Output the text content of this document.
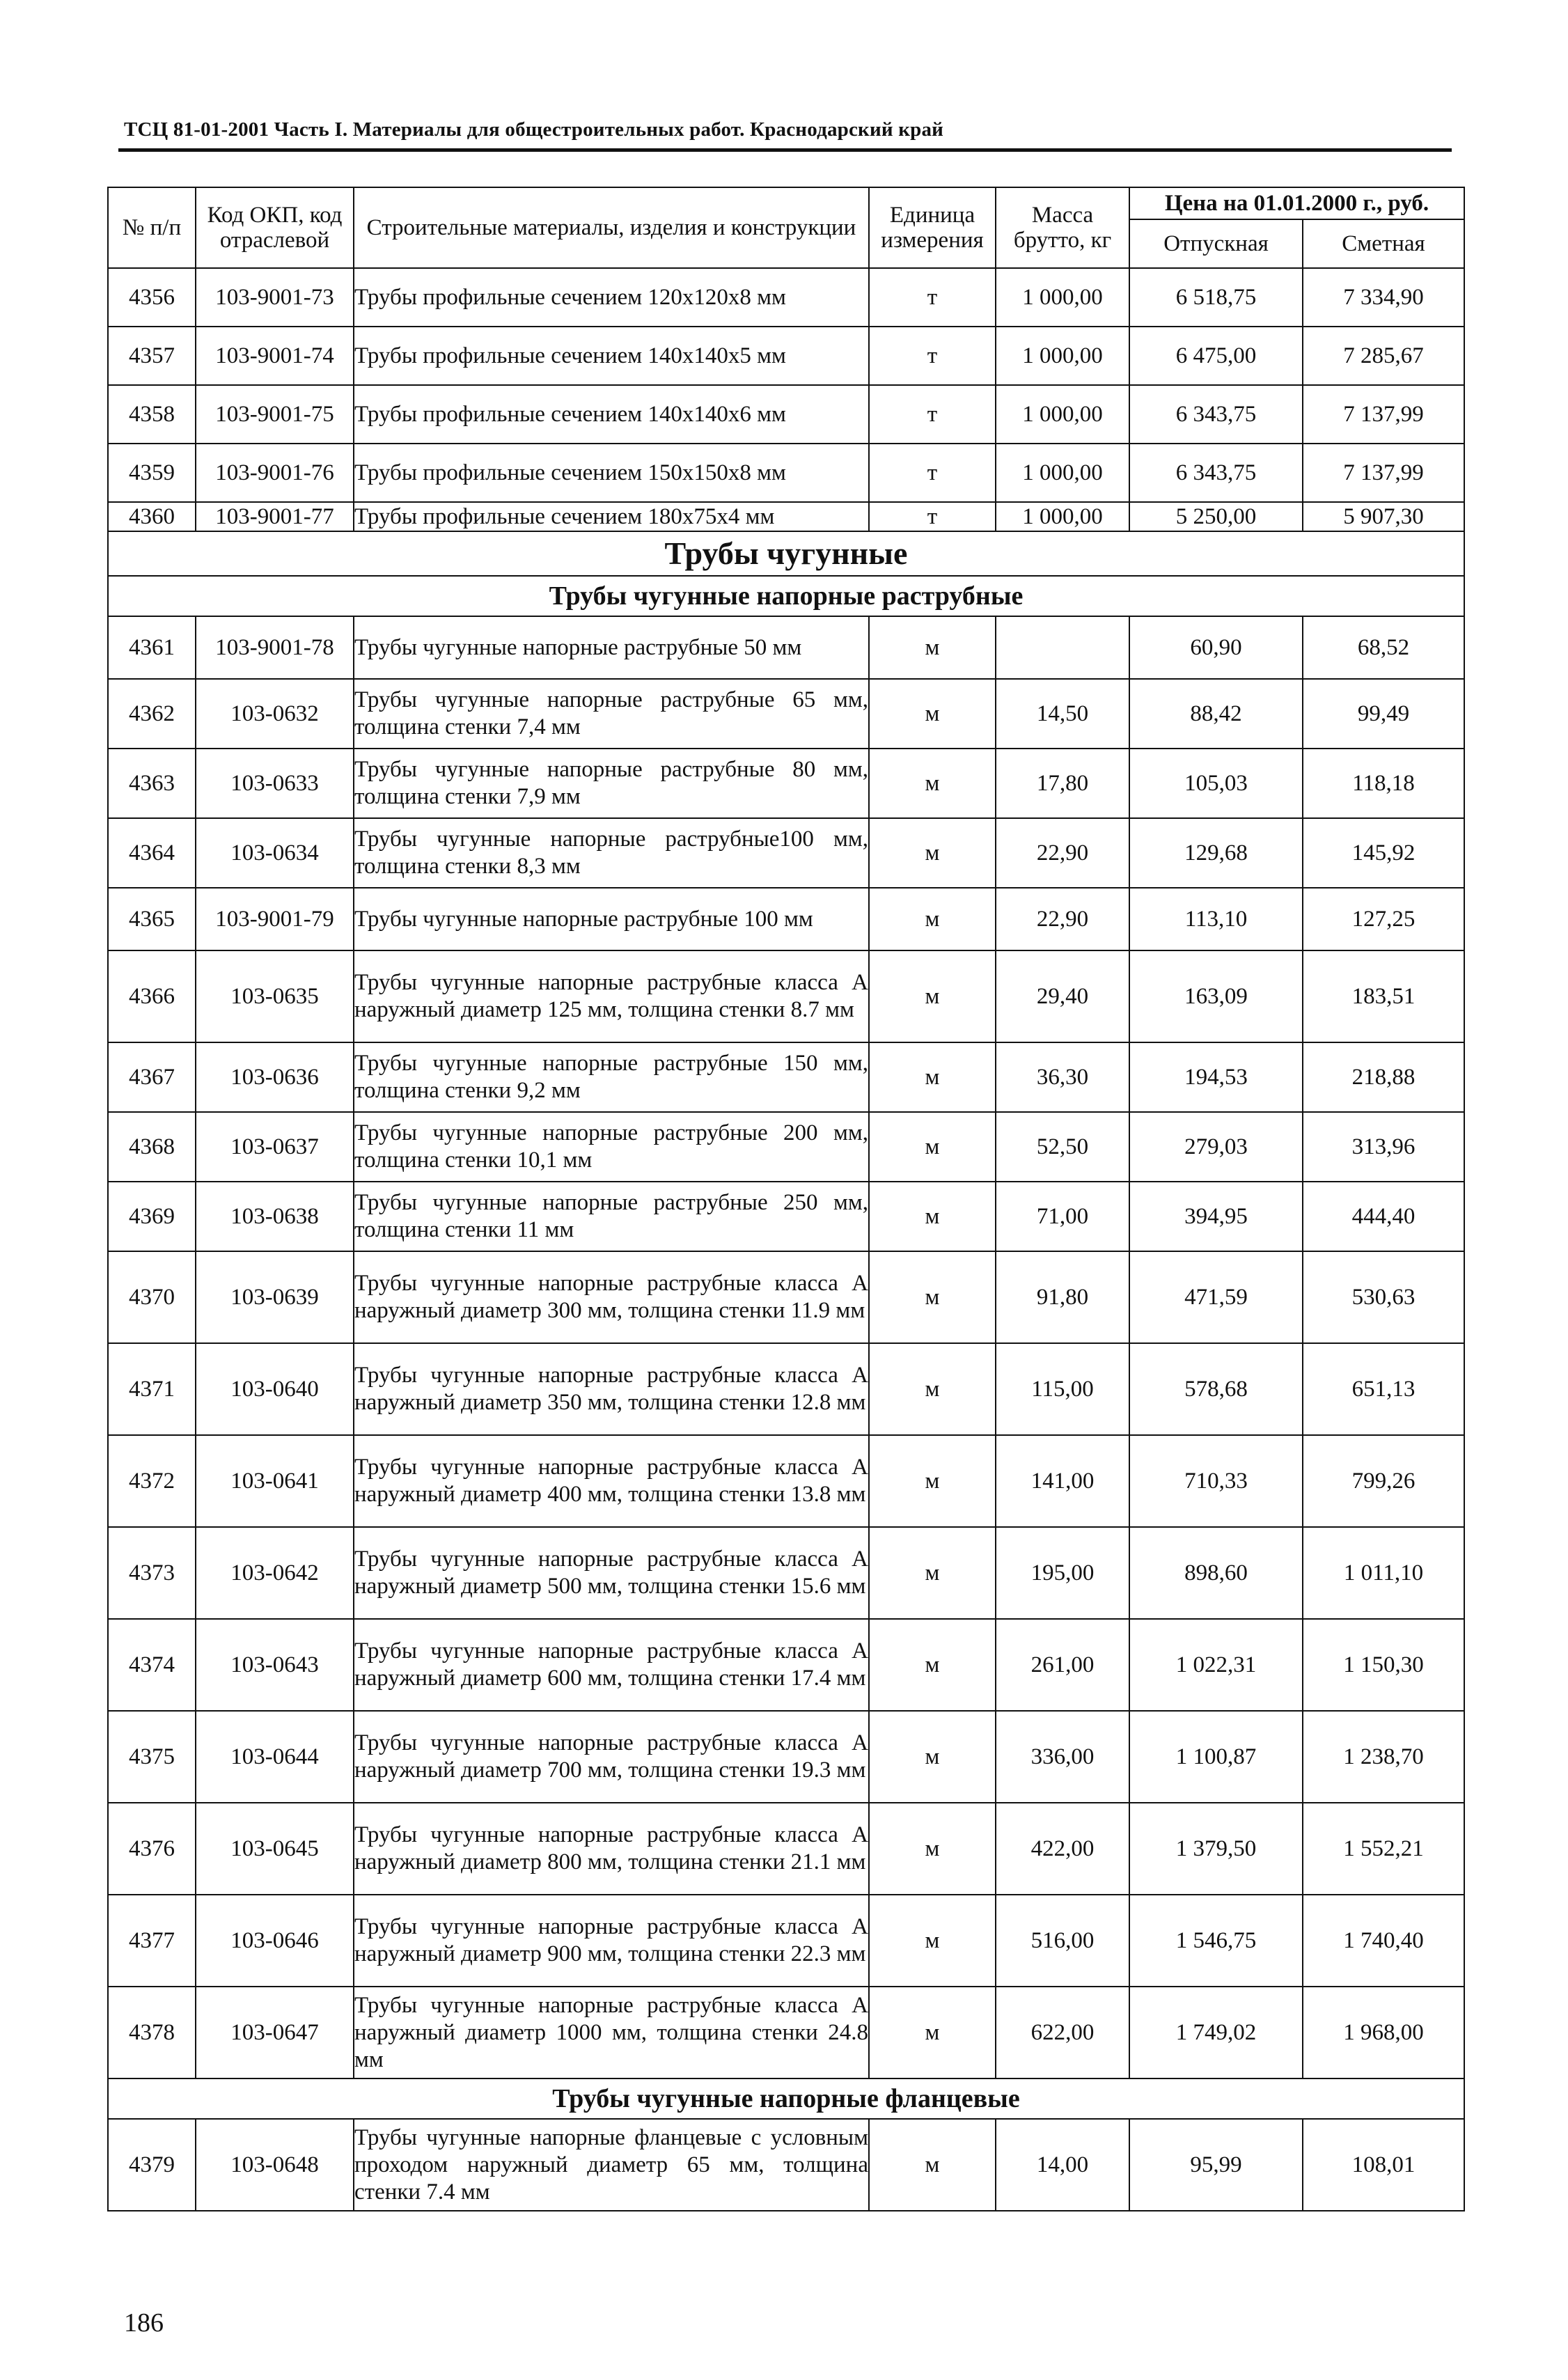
ТСЦ 81-01-2001 Часть I. Материалы для общестроительных работ. Краснодарский край
№ п/п	Код ОКП, код отраслевой	Строительные материалы, изделия и конструкции	Единица измерения	Масса брутто, кг	Цена на 01.01.2000 г., руб.	
					Отпускная	Сметная
4356	103-9001-73	Трубы профильные сечением 120х120х8 мм	т	1 000,00	6 518,75	7 334,90
4357	103-9001-74	Трубы профильные сечением 140х140х5 мм	т	1 000,00	6 475,00	7 285,67
4358	103-9001-75	Трубы профильные сечением 140х140х6 мм	т	1 000,00	6 343,75	7 137,99
4359	103-9001-76	Трубы профильные сечением 150х150х8 мм	т	1 000,00	6 343,75	7 137,99
4360	103-9001-77	Трубы профильные сечением 180х75х4 мм	т	1 000,00	5 250,00	5 907,30
Трубы чугунные						
Трубы чугунные напорные раструбные						
4361	103-9001-78	Трубы чугунные напорные раструбные 50 мм	м		60,90	68,52
4362	103-0632	Трубы чугунные напорные раструбные 65 мм, толщина стенки 7,4 мм	м	14,50	88,42	99,49
4363	103-0633	Трубы чугунные напорные раструбные 80 мм, толщина стенки 7,9 мм	м	17,80	105,03	118,18
4364	103-0634	Трубы чугунные напорные раструбные100 мм, толщина стенки 8,3 мм	м	22,90	129,68	145,92
4365	103-9001-79	Трубы чугунные напорные раструбные 100 мм	м	22,90	113,10	127,25
4366	103-0635	Трубы чугунные напорные раструбные класса А наружный диаметр 125 мм, толщина стенки 8.7 мм	м	29,40	163,09	183,51
4367	103-0636	Трубы чугунные напорные раструбные 150 мм, толщина стенки 9,2 мм	м	36,30	194,53	218,88
4368	103-0637	Трубы чугунные напорные раструбные 200 мм, толщина стенки 10,1 мм	м	52,50	279,03	313,96
4369	103-0638	Трубы чугунные напорные раструбные 250 мм, толщина стенки 11 мм	м	71,00	394,95	444,40
4370	103-0639	Трубы чугунные напорные раструбные класса А наружный диаметр 300 мм, толщина стенки 11.9 мм	м	91,80	471,59	530,63
4371	103-0640	Трубы чугунные напорные раструбные класса А наружный диаметр 350 мм, толщина стенки 12.8 мм	м	115,00	578,68	651,13
4372	103-0641	Трубы чугунные напорные раструбные класса А наружный диаметр 400 мм, толщина стенки 13.8 мм	м	141,00	710,33	799,26
4373	103-0642	Трубы чугунные напорные раструбные класса А наружный диаметр 500 мм, толщина стенки 15.6 мм	м	195,00	898,60	1 011,10
4374	103-0643	Трубы чугунные напорные раструбные класса А наружный диаметр 600 мм, толщина стенки 17.4 мм	м	261,00	1 022,31	1 150,30
4375	103-0644	Трубы чугунные напорные раструбные класса А наружный диаметр 700 мм, толщина стенки 19.3 мм	м	336,00	1 100,87	1 238,70
4376	103-0645	Трубы чугунные напорные раструбные класса А наружный диаметр 800 мм, толщина стенки 21.1 мм	м	422,00	1 379,50	1 552,21
4377	103-0646	Трубы чугунные напорные раструбные класса А наружный диаметр 900 мм, толщина стенки 22.3 мм	м	516,00	1 546,75	1 740,40
4378	103-0647	Трубы чугунные напорные раструбные класса А наружный диаметр 1000 мм, толщина стенки 24.8 мм	м	622,00	1 749,02	1 968,00
Трубы чугунные напорные фланцевые						
4379	103-0648	Трубы чугунные напорные фланцевые с условным проходом наружный диаметр 65 мм, толщина стенки 7.4 мм	м	14,00	95,99	108,01
186
